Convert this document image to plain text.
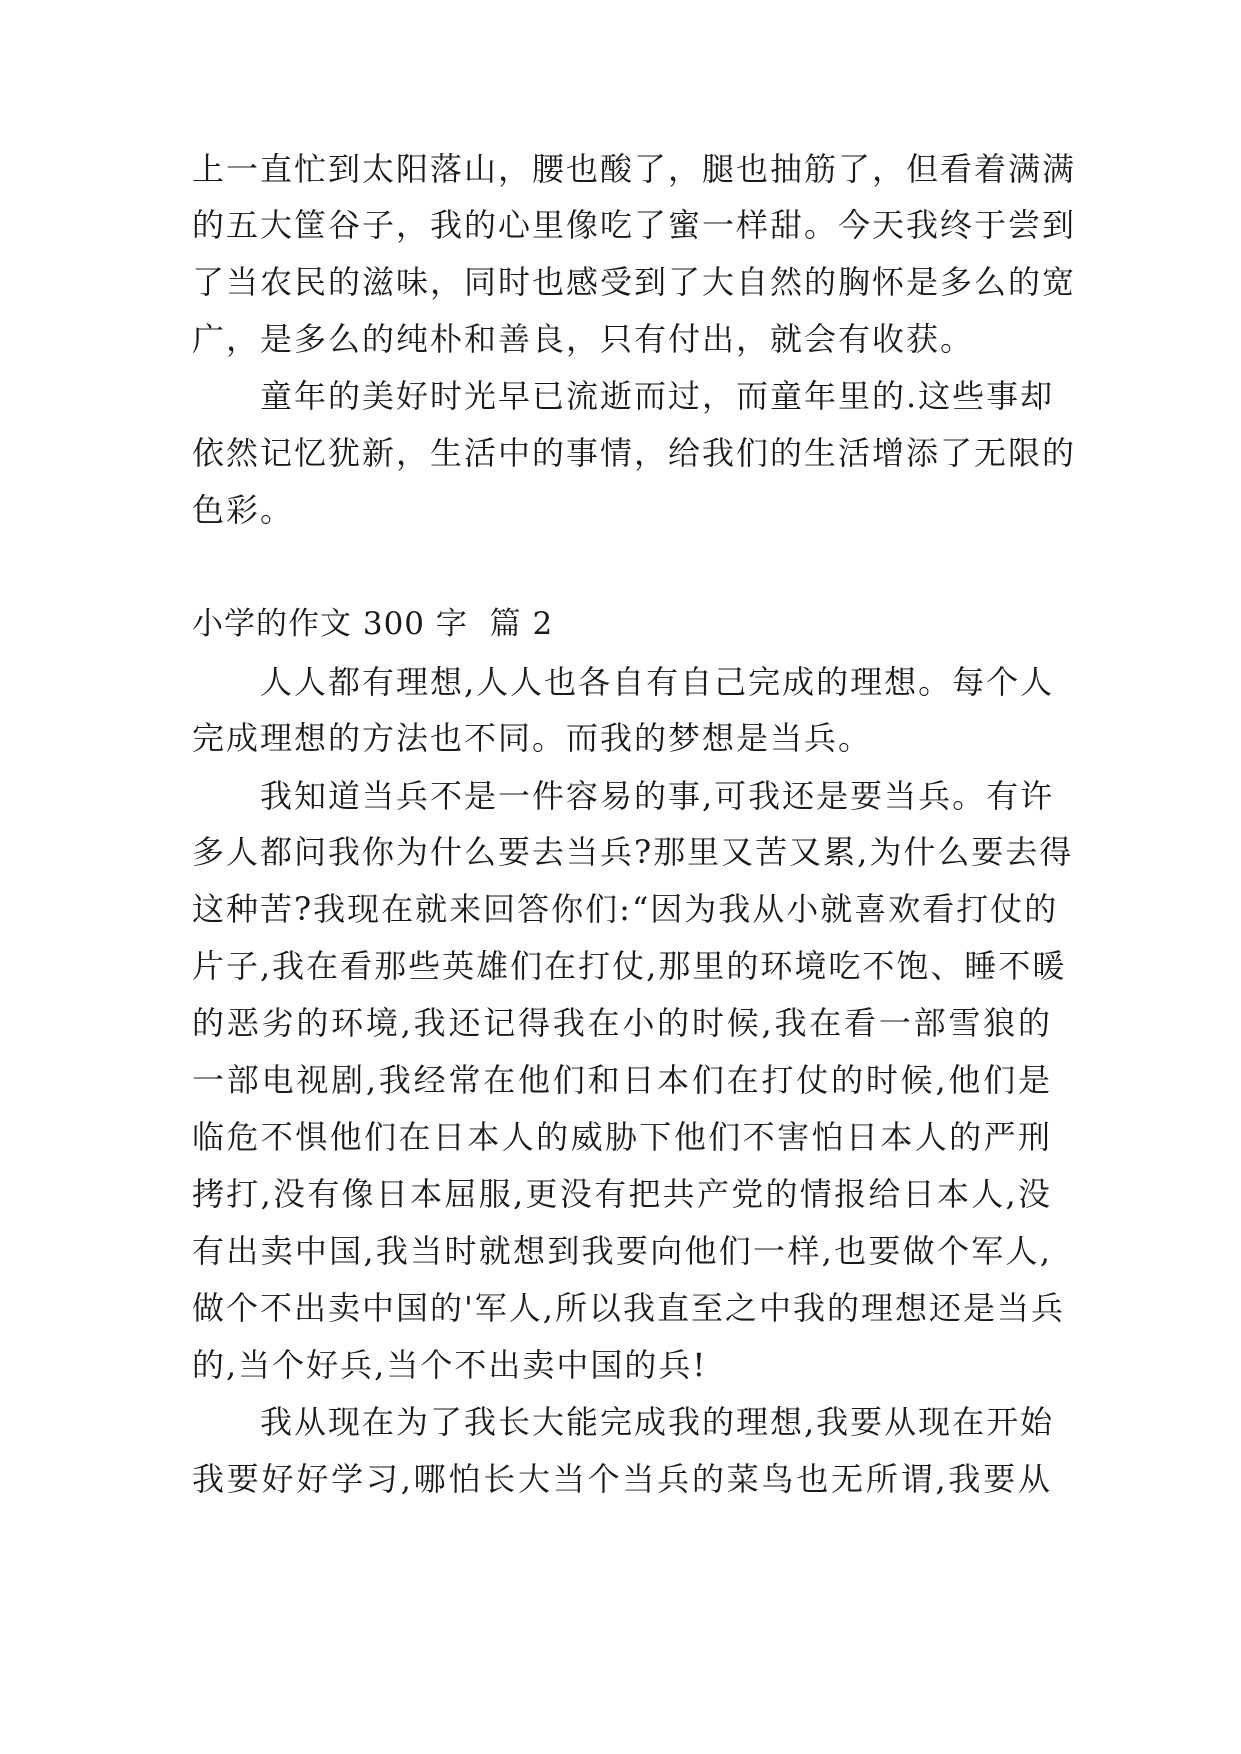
上一直忙到太阳落山，腰也酸了，腿也抽筋了，但看着满满
的五大筐谷子，我的心里像吃了蜜一样甜。今天我终于尝到
了当农民的滋味，同时也感受到了大自然的胸怀是多么的宽
广，是多么的纯朴和善良，只有付出，就会有收获。
童年的美好时光早已流逝而过，而童年里的.这些事却
依然记忆犹新，生活中的事情，给我们的生活增添了无限的
色彩。
小学的作文 300 字  篇 2
人人都有理想,人人也各自有自己完成的理想。每个人
完成理想的方法也不同。而我的梦想是当兵。
我知道当兵不是一件容易的事,可我还是要当兵。有许
多人都问我你为什么要去当兵?那里又苦又累,为什么要去得
这种苦?我现在就来回答你们:“因为我从小就喜欢看打仗的
片子,我在看那些英雄们在打仗,那里的环境吃不饱、睡不暖
的恶劣的环境,我还记得我在小的时候,我在看一部雪狼的
一部电视剧,我经常在他们和日本们在打仗的时候,他们是
临危不惧他们在日本人的威胁下他们不害怕日本人的严刑
拷打,没有像日本屈服,更没有把共产党的情报给日本人,没
有出卖中国,我当时就想到我要向他们一样,也要做个军人,
做个不出卖中国的'军人,所以我直至之中我的理想还是当兵
的,当个好兵,当个不出卖中国的兵!
我从现在为了我长大能完成我的理想,我要从现在开始
我要好好学习,哪怕长大当个当兵的菜鸟也无所谓,我要从
